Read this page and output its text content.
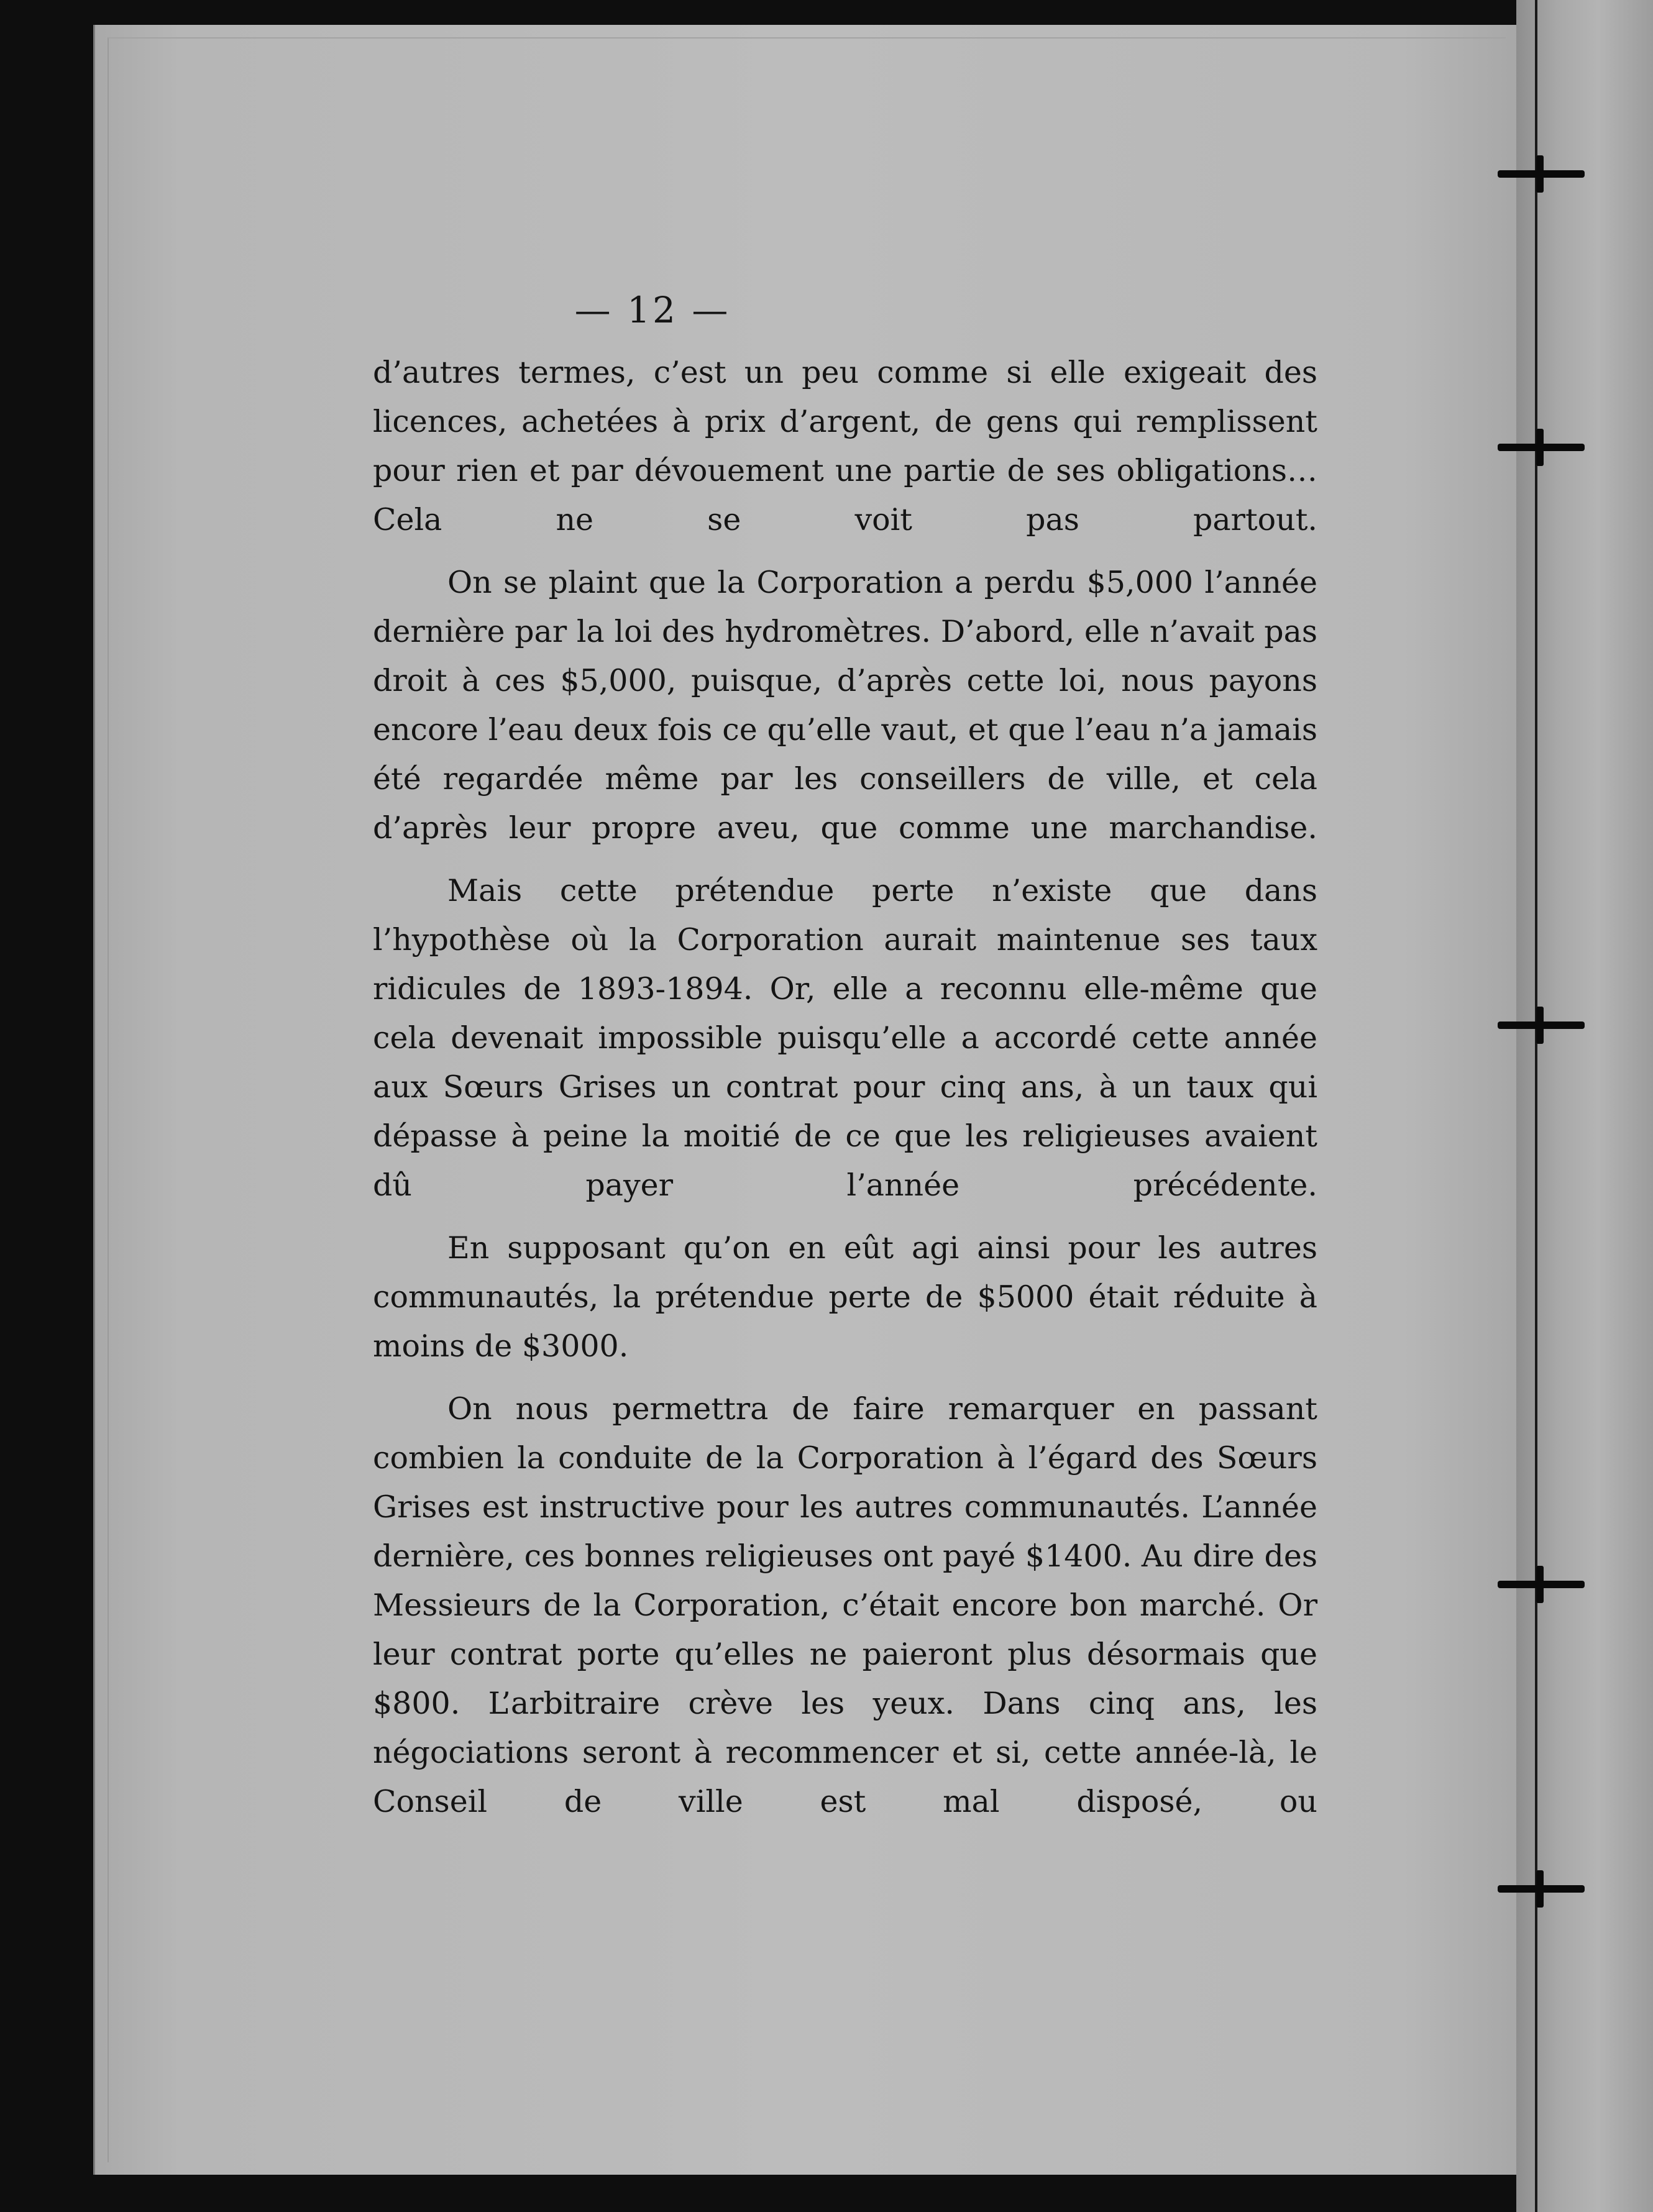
— 12 —

d’autres termes, c’est un peu comme si elle exigeait des licences, achetées à prix d’argent, de gens qui remplissent pour rien et par dévouement une partie de ses obligations… Cela ne se voit pas partout.

On se plaint que la Corporation a perdu $5,000 l’année dernière par la loi des hydromètres. D’abord, elle n’avait pas droit à ces $5,000, puisque, d’après cette loi, nous payons encore l’eau deux fois ce qu’elle vaut, et que l’eau n’a jamais été regardée même par les conseillers de ville, et cela d’après leur propre aveu, que comme une marchandise.

Mais cette prétendue perte n’existe que dans l’hypothèse où la Corporation aurait maintenue ses taux ridicules de 1893-1894. Or, elle a reconnu elle-même que cela devenait impossible puisqu’elle a accordé cette année aux Sœurs Grises un contrat pour cinq ans, à un taux qui dépasse à peine la moitié de ce que les religieuses avaient dû payer l’année précédente.

En supposant qu’on en eût agi ainsi pour les autres communautés, la prétendue perte de $5000 était réduite à moins de $3000.

On nous permettra de faire remarquer en passant combien la conduite de la Corporation à l’égard des Sœurs Grises est instructive pour les autres communautés. L’année dernière, ces bonnes religieuses ont payé $1400. Au dire des Messieurs de la Corporation, c’était encore bon marché. Or leur contrat porte qu’elles ne paieront plus désormais que $800. L’arbitraire crève les yeux. Dans cinq ans, les négociations seront à recommencer et si, cette année-là, le Conseil de ville est mal disposé, ou
